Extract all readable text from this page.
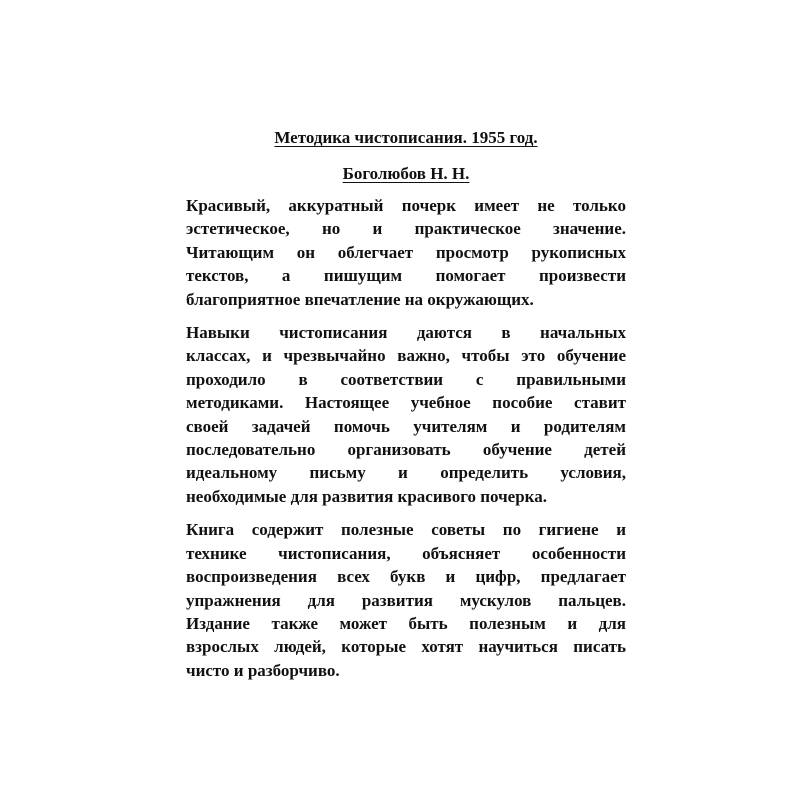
Методика чистописания. 1955 год.
Боголюбов Н. Н.
Красивый, аккуратный почерк имеет не только
эстетическое, но и практическое значение.
Читающим он облегчает просмотр рукописных
текстов, а пишущим помогает произвести
благоприятное впечатление на окружающих.
Навыки чистописания даются в начальных
классах, и чрезвычайно важно, чтобы это обучение
проходило в соответствии с правильными
методиками. Настоящее учебное пособие ставит
своей задачей помочь учителям и родителям
последовательно организовать обучение детей
идеальному письму и определить условия,
необходимые для развития красивого почерка.
Книга содержит полезные советы по гигиене и
технике чистописания, объясняет особенности
воспроизведения всех букв и цифр, предлагает
упражнения для развития мускулов пальцев.
Издание также может быть полезным и для
взрослых людей, которые хотят научиться писать
чисто и разборчиво.
